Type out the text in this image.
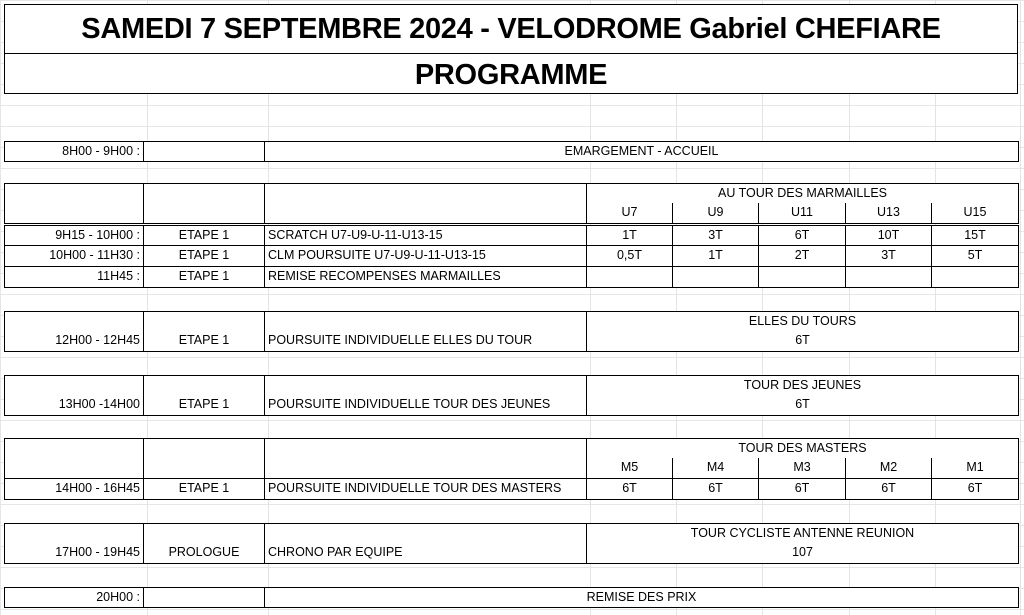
SAMEDI 7 SEPTEMBRE 2024 - VELODROME Gabriel CHEFIARE
PROGRAMME
8H00 - 9H00 :	EMARGEMENT - ACCUEIL
AU TOUR DES MARMAILLES
U7	U9	U11	U13	U15
9H15 - 10H00 :	ETAPE 1	SCRATCH U7-U9-U-11-U13-15	1T	3T	6T	10T	15T
10H00 - 11H30 :	ETAPE 1	CLM POURSUITE U7-U9-U-11-U13-15	0,5T	1T	2T	3T	5T
11H45 :	ETAPE 1	REMISE RECOMPENSES MARMAILLES
ELLES DU TOURS
12H00 - 12H45	ETAPE 1	POURSUITE INDIVIDUELLE ELLES DU TOUR	6T
TOUR DES JEUNES
13H00 -14H00	ETAPE 1	POURSUITE INDIVIDUELLE TOUR DES JEUNES	6T
TOUR DES MASTERS
M5	M4	M3	M2	M1
14H00 - 16H45	ETAPE 1	POURSUITE INDIVIDUELLE TOUR DES MASTERS	6T	6T	6T	6T	6T
TOUR CYCLISTE ANTENNE REUNION
17H00 - 19H45	PROLOGUE	CHRONO PAR EQUIPE	107
20H00 :	REMISE DES PRIX
